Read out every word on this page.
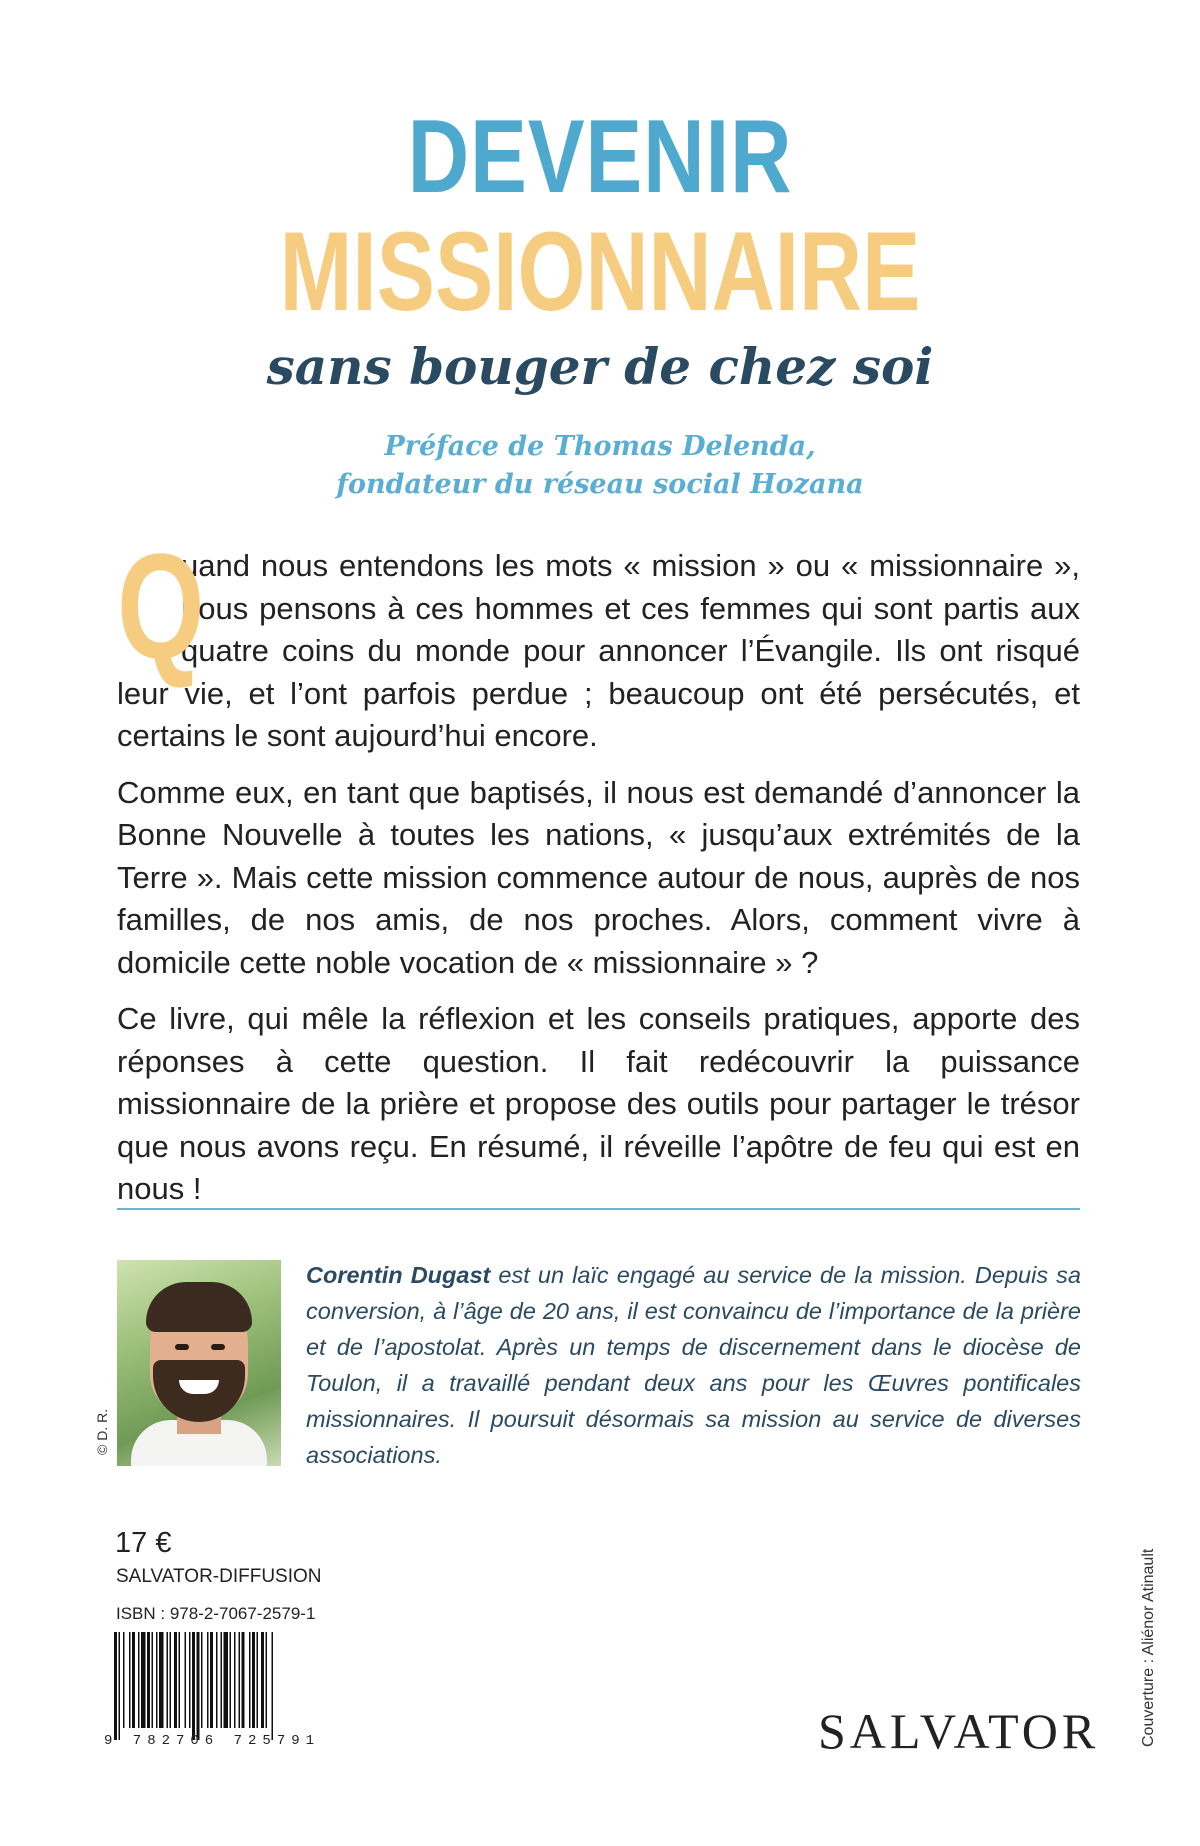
DEVENIR
MISSIONNAIRE
sans bouger de chez soi
Préface de Thomas Delenda,
fondateur du réseau social Hozana

Q
uand nous entendons les mots « mission » ou « missionnaire », nous pensons à ces hommes et ces femmes qui sont partis aux quatre coins du monde pour annoncer l’Évangile. Ils ont risqué leur vie, et l’ont parfois perdue ; beaucoup ont été persécutés, et certains le sont aujourd’hui encore.

Comme eux, en tant que baptisés, il nous est demandé d’annoncer la Bonne Nouvelle à toutes les nations, « jusqu’aux extrémités de la Terre ». Mais cette mission commence autour de nous, auprès de nos familles, de nos amis, de nos proches. Alors, comment vivre à domicile cette noble vocation de « missionnaire » ?

Ce livre, qui mêle la réflexion et les conseils pratiques, apporte des réponses à cette question. Il fait redécouvrir la puissance missionnaire de la prière et propose des outils pour partager le trésor que nous avons reçu. En résumé, il réveille l’apôtre de feu qui est en nous !

© D. R.
Corentin Dugast est un laïc engagé au service de la mission. Depuis sa conversion, à l’âge de 20 ans, il est convaincu de l’importance de la prière et de l’apostolat. Après un temps de discernement dans le diocèse de Toulon, il a travaillé pendant deux ans pour les Œuvres pontificales missionnaires. Il poursuit désormais sa mission au service de diverses associations.
17 €
SALVATOR-DIFFUSION
ISBN : 978-2-7067-2579-1
9 782706 725791	SALVATOR	Couverture : Aliénor Atinault
